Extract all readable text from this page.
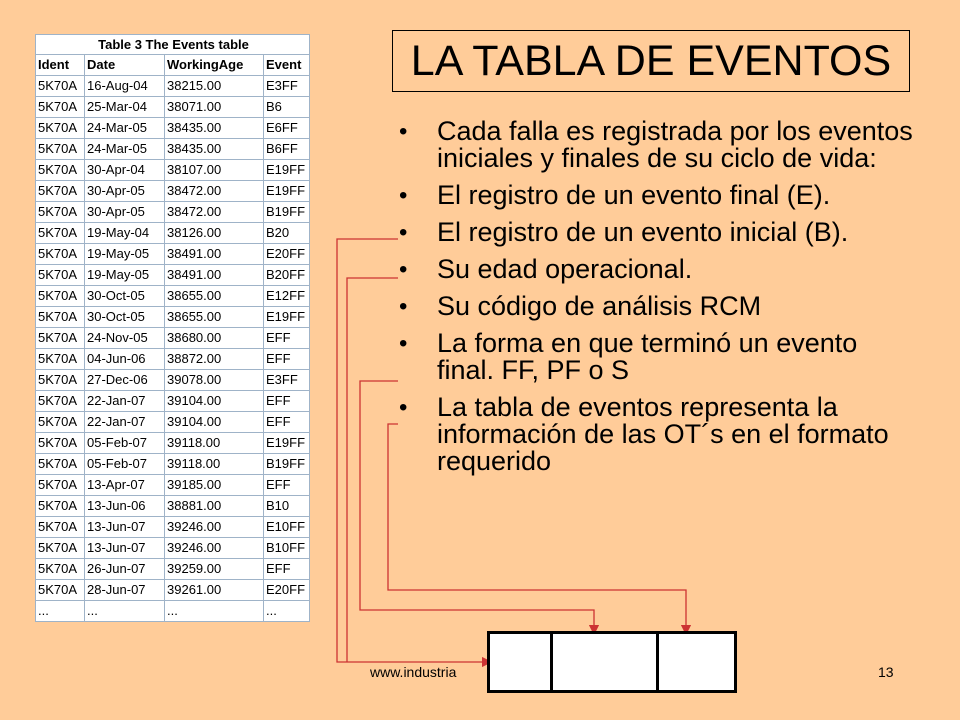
Table 3 The Events table			
Ident	Date	WorkingAge	Event
5K70A	16-Aug-04	38215.00	E3FF
5K70A	25-Mar-04	38071.00	B6
5K70A	24-Mar-05	38435.00	E6FF
5K70A	24-Mar-05	38435.00	B6FF
5K70A	30-Apr-04	38107.00	E19FF
5K70A	30-Apr-05	38472.00	E19FF
5K70A	30-Apr-05	38472.00	B19FF
5K70A	19-May-04	38126.00	B20
5K70A	19-May-05	38491.00	E20FF
5K70A	19-May-05	38491.00	B20FF
5K70A	30-Oct-05	38655.00	E12FF
5K70A	30-Oct-05	38655.00	E19FF
5K70A	24-Nov-05	38680.00	EFF
5K70A	04-Jun-06	38872.00	EFF
5K70A	27-Dec-06	39078.00	E3FF
5K70A	22-Jan-07	39104.00	EFF
5K70A	22-Jan-07	39104.00	EFF
5K70A	05-Feb-07	39118.00	E19FF
5K70A	05-Feb-07	39118.00	B19FF
5K70A	13-Apr-07	39185.00	EFF
5K70A	13-Jun-06	38881.00	B10
5K70A	13-Jun-07	39246.00	E10FF
5K70A	13-Jun-07	39246.00	B10FF
5K70A	26-Jun-07	39259.00	EFF
5K70A	28-Jun-07	39261.00	E20FF
...	...	...	...
LA TABLA DE EVENTOS
• Cada falla es registrada por los eventos iniciales y finales de su ciclo de vida:
• El registro de un evento final (E).
• El registro de un evento inicial (B).
• Su edad operacional.
• Su código de análisis RCM
• La forma en que terminó un evento final. FF, PF o S
• La tabla de eventos representa la información de las OT´s en el formato requerido
www.industria	13
